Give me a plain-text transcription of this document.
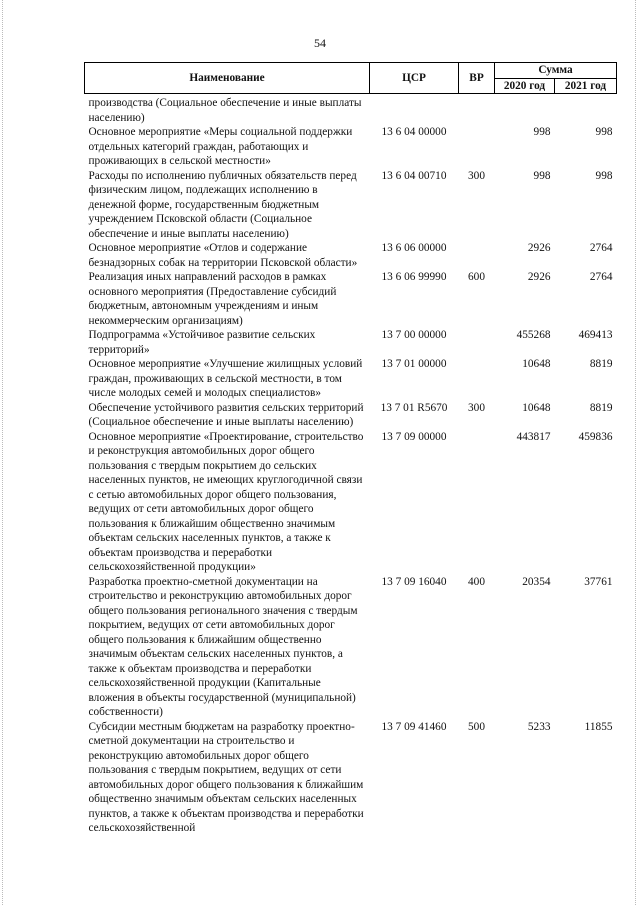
54
Наименование	ЦСР	ВР	Сумма	
			2020 год	2021 год
производства (Социальное обеспечение и иные выплаты населению)				
Основное мероприятие «Меры социальной поддержки отдельных категорий граждан, работающих и проживающих в сельской местности»	13 6 04 00000		998	998
Расходы по исполнению публичных обязательств перед физическим лицом, подлежащих исполнению в денежной форме, государственным бюджетным учреждением Псковской области (Социальное обеспечение и иные выплаты населению)	13 6 04 00710	300	998	998
Основное мероприятие «Отлов и содержание безнадзорных собак на территории Псковской области»	13 6 06 00000		2926	2764
Реализация иных направлений расходов в рамках основного мероприятия (Предоставление субсидий бюджетным, автономным учреждениям и иным некоммерческим организациям)	13 6 06 99990	600	2926	2764
Подпрограмма «Устойчивое развитие сельских территорий»	13 7 00 00000		455268	469413
Основное мероприятие «Улучшение жилищных условий граждан, проживающих в сельской местности, в том числе молодых семей и молодых специалистов»	13 7 01 00000		10648	8819
Обеспечение устойчивого развития сельских территорий (Социальное обеспечение и иные выплаты населению)	13 7 01 R5670	300	10648	8819
Основное мероприятие «Проектирование, строительство и реконструкция автомобильных дорог общего пользования с твердым покрытием до сельских населенных пунктов, не имеющих круглогодичной связи с сетью автомобильных дорог общего пользования, ведущих от сети автомобильных дорог общего пользования к ближайшим общественно значимым объектам сельских населенных пунктов, а также к объектам производства и переработки сельскохозяйственной продукции»	13 7 09 00000		443817	459836
Разработка проектно-сметной документации на строительство и реконструкцию автомобильных дорог общего пользования регионального значения с твердым покрытием, ведущих от сети автомобильных дорог общего пользования к ближайшим общественно значимым объектам сельских населенных пунктов, а также к объектам производства и переработки сельскохозяйственной продукции (Капитальные вложения в объекты государственной (муниципальной) собственности)	13 7 09 16040	400	20354	37761
Субсидии местным бюджетам на разработку проектно-сметной документации на строительство и реконструкцию автомобильных дорог общего пользования с твердым покрытием, ведущих от сети автомобильных дорог общего пользования к ближайшим общественно значимым объектам сельских населенных пунктов, а также к объектам производства и переработки сельскохозяйственной	13 7 09 41460	500	5233	11855
